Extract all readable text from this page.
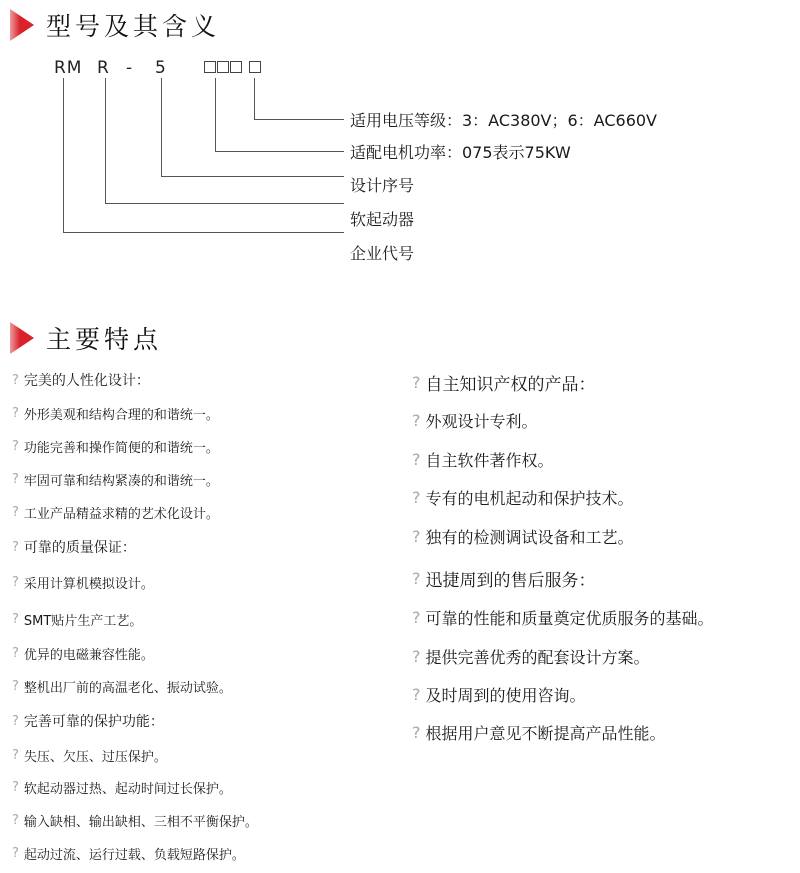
型号及其含义
RM R - 5
适用电压等级：3：AC380V；6：AC660V
适配电机功率：075表示75KW
设计序号
软起动器
企业代号
主要特点
? 完美的人性化设计：
? 外形美观和结构合理的和谐统一。
? 功能完善和操作简便的和谐统一。
? 牢固可靠和结构紧凑的和谐统一。
? 工业产品精益求精的艺术化设计。
? 可靠的质量保证：
? 采用计算机模拟设计。
? SMT贴片生产工艺。
? 优异的电磁兼容性能。
? 整机出厂前的高温老化、振动试验。
? 完善可靠的保护功能：
? 失压、欠压、过压保护。
? 软起动器过热、起动时间过长保护。
? 输入缺相、输出缺相、三相不平衡保护。
? 起动过流、运行过载、负载短路保护。
? 自主知识产权的产品：
? 外观设计专利。
? 自主软件著作权。
? 专有的电机起动和保护技术。
? 独有的检测调试设备和工艺。
? 迅捷周到的售后服务：
? 可靠的性能和质量奠定优质服务的基础。
? 提供完善优秀的配套设计方案。
? 及时周到的使用咨询。
? 根据用户意见不断提高产品性能。
